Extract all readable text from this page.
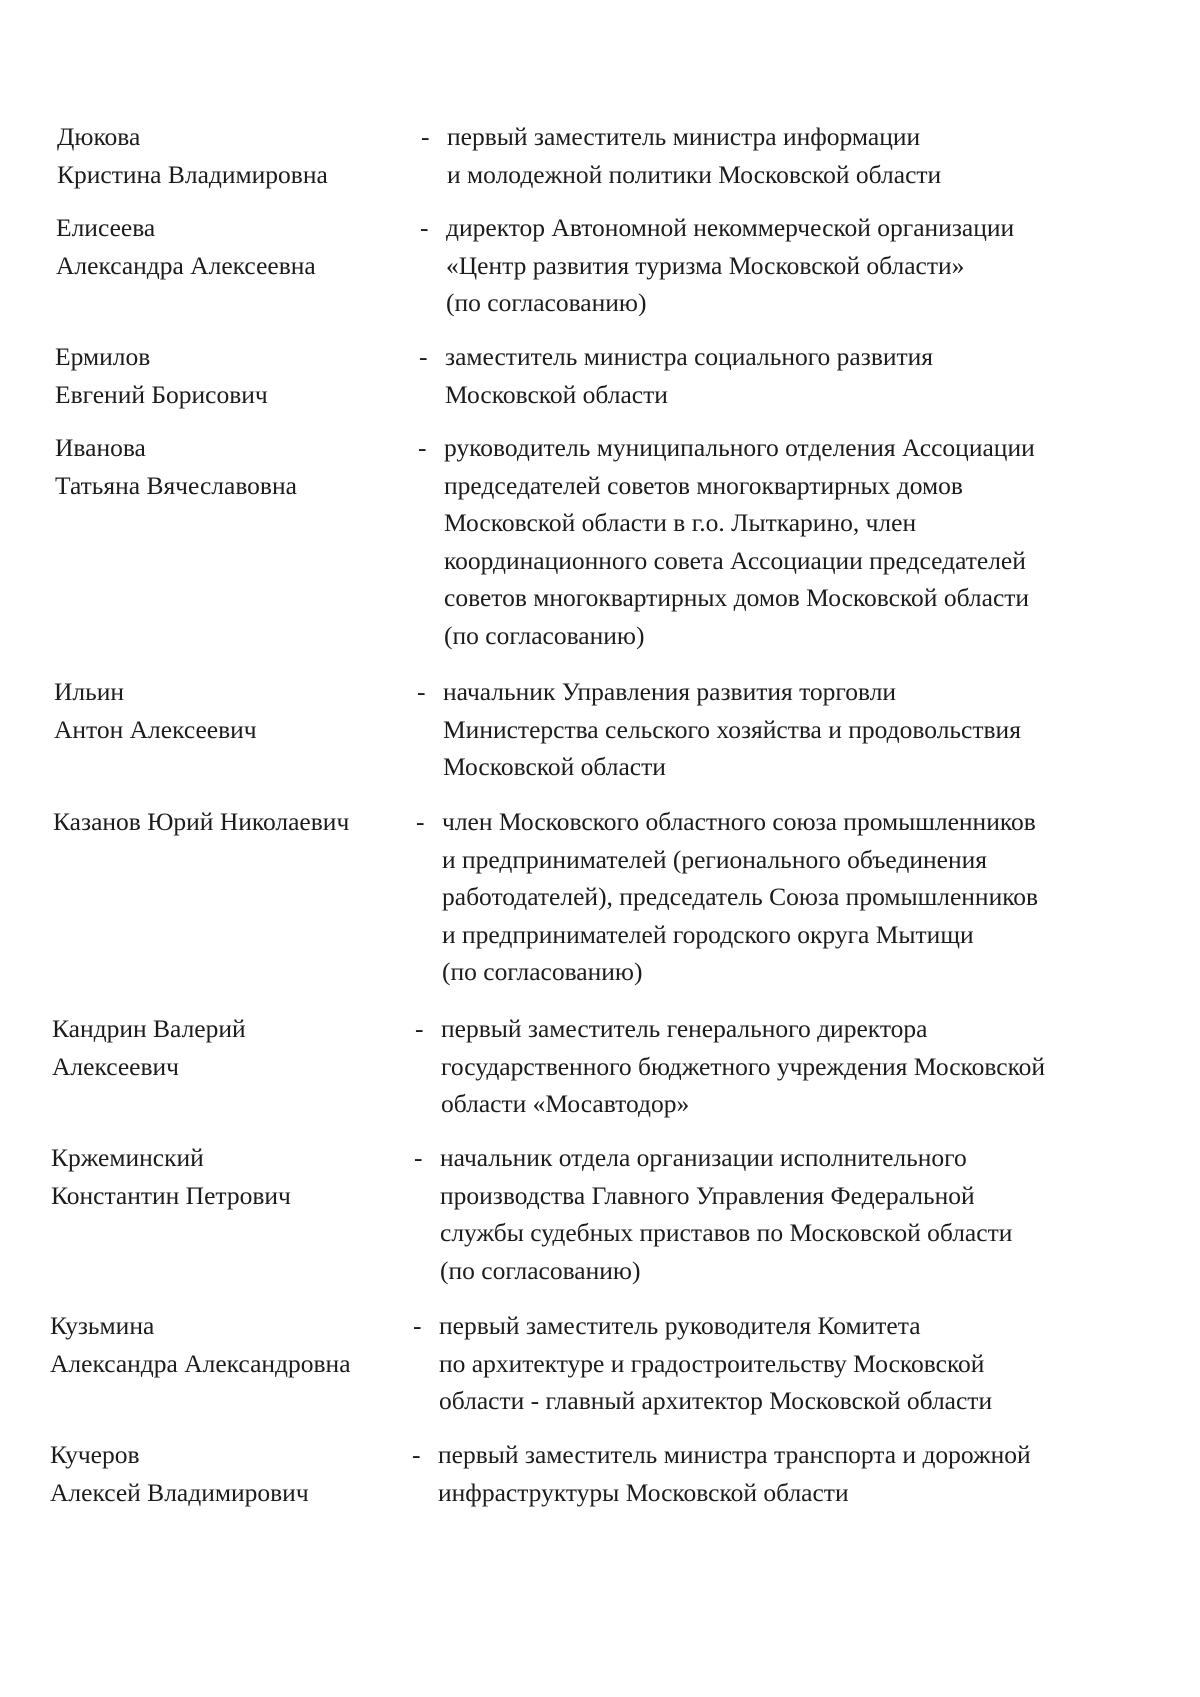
Дюкова
Кристина Владимировна
- первый заместитель министра информации
и молодежной политики Московской области
Елисеева
Александра Алексеевна
- директор Автономной некоммерческой организации
«Центр развития туризма Московской области»
(по согласованию)
Ермилов
Евгений Борисович
- заместитель министра социального развития
Московской области
Иванова
Татьяна Вячеславовна
- руководитель муниципального отделения Ассоциации
председателей советов многоквартирных домов
Московской области в г.о. Лыткарино, член
координационного совета Ассоциации председателей
советов многоквартирных домов Московской области
(по согласованию)
Ильин
Антон Алексеевич
- начальник Управления развития торговли
Министерства сельского хозяйства и продовольствия
Московской области
Казанов Юрий Николаевич	- член Московского областного союза промышленников
и предпринимателей (регионального объединения
работодателей), председатель Союза промышленников
и предпринимателей городского округа Мытищи
(по согласованию)
Кандрин Валерий
Алексеевич
- первый заместитель генерального директора
государственного бюджетного учреждения Московской
области «Мосавтодор»
Кржеминский
Константин Петрович
- начальник отдела организации исполнительного
производства Главного Управления Федеральной
службы судебных приставов по Московской области
(по согласованию)
Кузьмина
Александра Александровна
- первый заместитель руководителя Комитета
по архитектуре и градостроительству Московской
области - главный архитектор Московской области
Кучеров
Алексей Владимирович
- первый заместитель министра транспорта и дорожной
инфраструктуры Московской области
